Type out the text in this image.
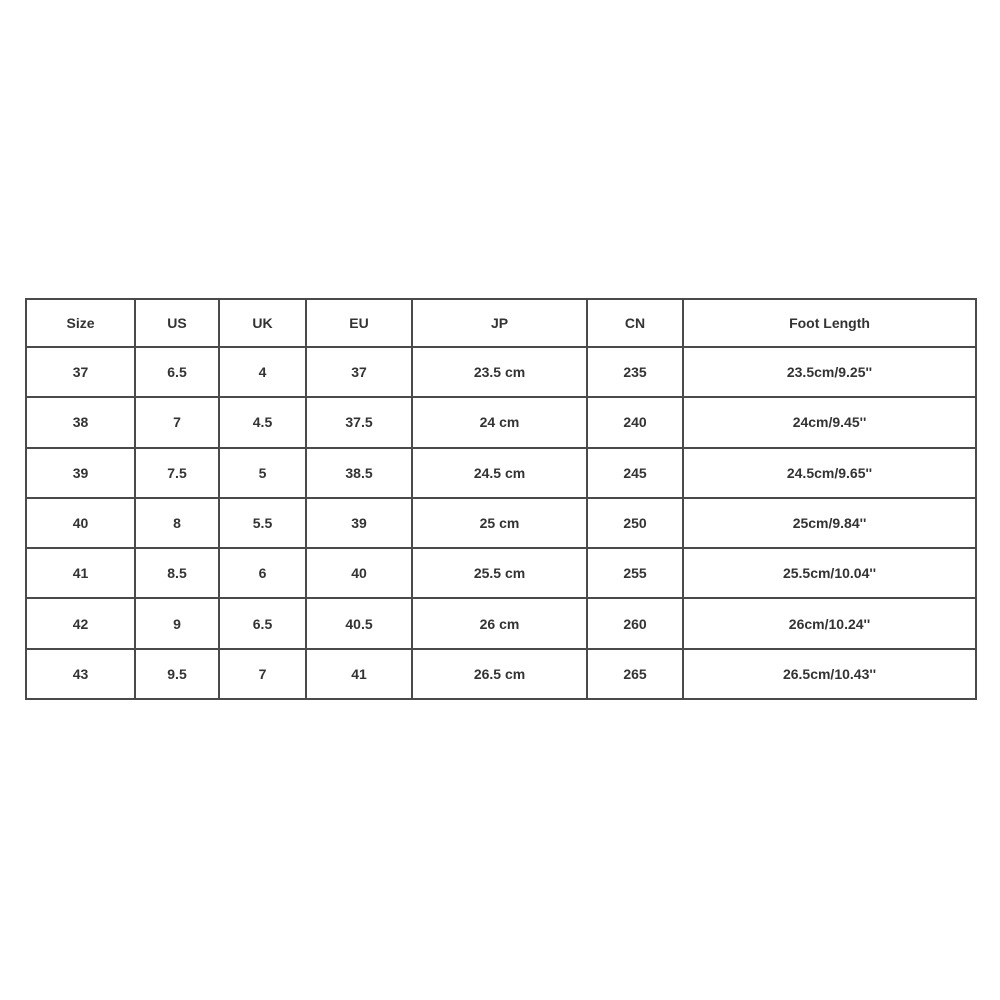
Size	US	UK	EU	JP	CN	Foot Length
37	6.5	4	37	23.5 cm	235	23.5cm/9.25''
38	7	4.5	37.5	24 cm	240	24cm/9.45''
39	7.5	5	38.5	24.5 cm	245	24.5cm/9.65''
40	8	5.5	39	25 cm	250	25cm/9.84''
41	8.5	6	40	25.5 cm	255	25.5cm/10.04''
42	9	6.5	40.5	26 cm	260	26cm/10.24''
43	9.5	7	41	26.5 cm	265	26.5cm/10.43''
